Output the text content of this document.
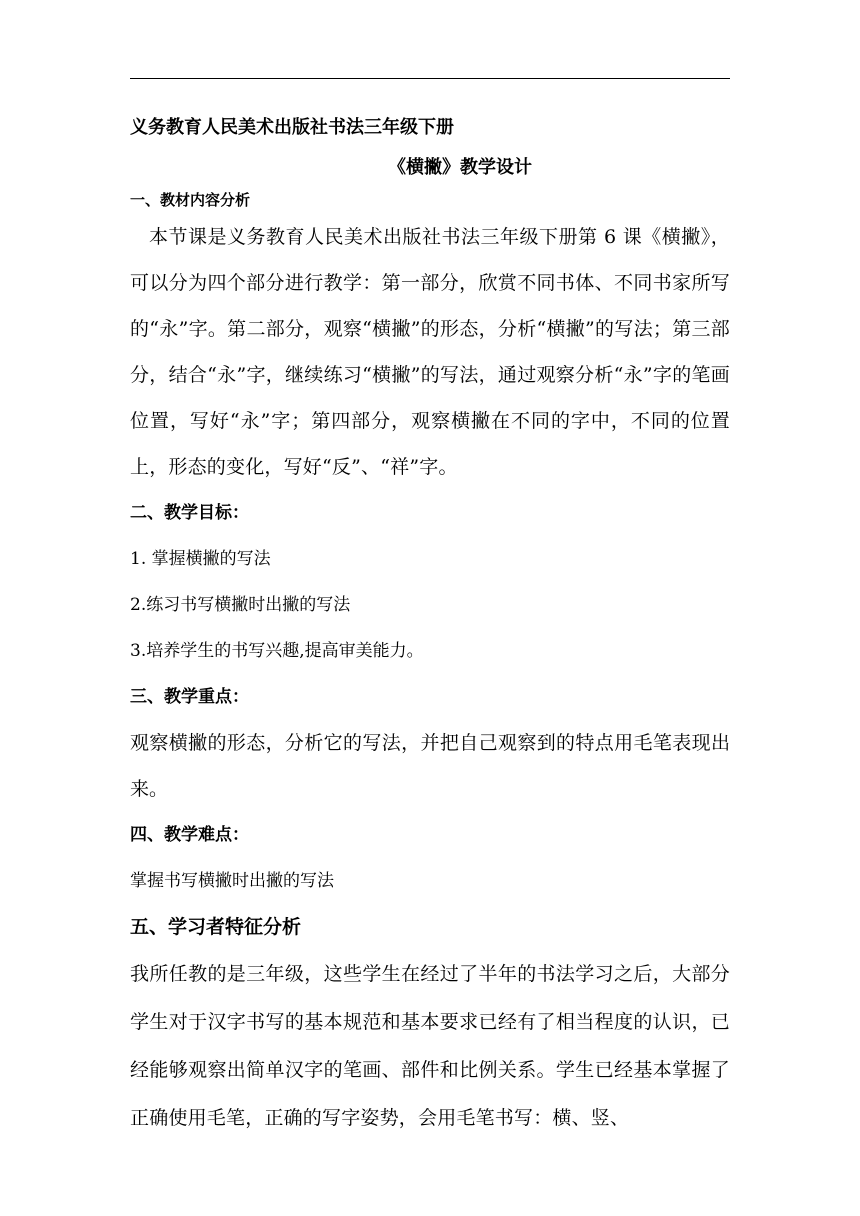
义务教育人民美术出版社书法三年级下册
《横撇》教学设计
一、教材内容分析
本节课是义务教育人民美术出版社书法三年级下册第 6 课《横撇》，可以分为四个部分进行教学：第一部分，欣赏不同书体、不同书家所写的“永”字。第二部分，观察“横撇”的形态，分析“横撇”的写法；第三部分，结合“永”字，继续练习“横撇”的写法，通过观察分析“永”字的笔画位置，写好“永”字；第四部分，观察横撇在不同的字中，不同的位置上，形态的变化，写好“反”、“祥”字。
二、教学目标：
1. 掌握横撇的写法
2.练习书写横撇时出撇的写法
3.培养学生的书写兴趣,提高审美能力。
三、教学重点：
观察横撇的形态，分析它的写法，并把自己观察到的特点用毛笔表现出来。
四、教学难点：
掌握书写横撇时出撇的写法
五、学习者特征分析
我所任教的是三年级，这些学生在经过了半年的书法学习之后，大部分学生对于汉字书写的基本规范和基本要求已经有了相当程度的认识，已经能够观察出简单汉字的笔画、部件和比例关系。学生已经基本掌握了正确使用毛笔，正确的写字姿势，会用毛笔书写：横、竖、
